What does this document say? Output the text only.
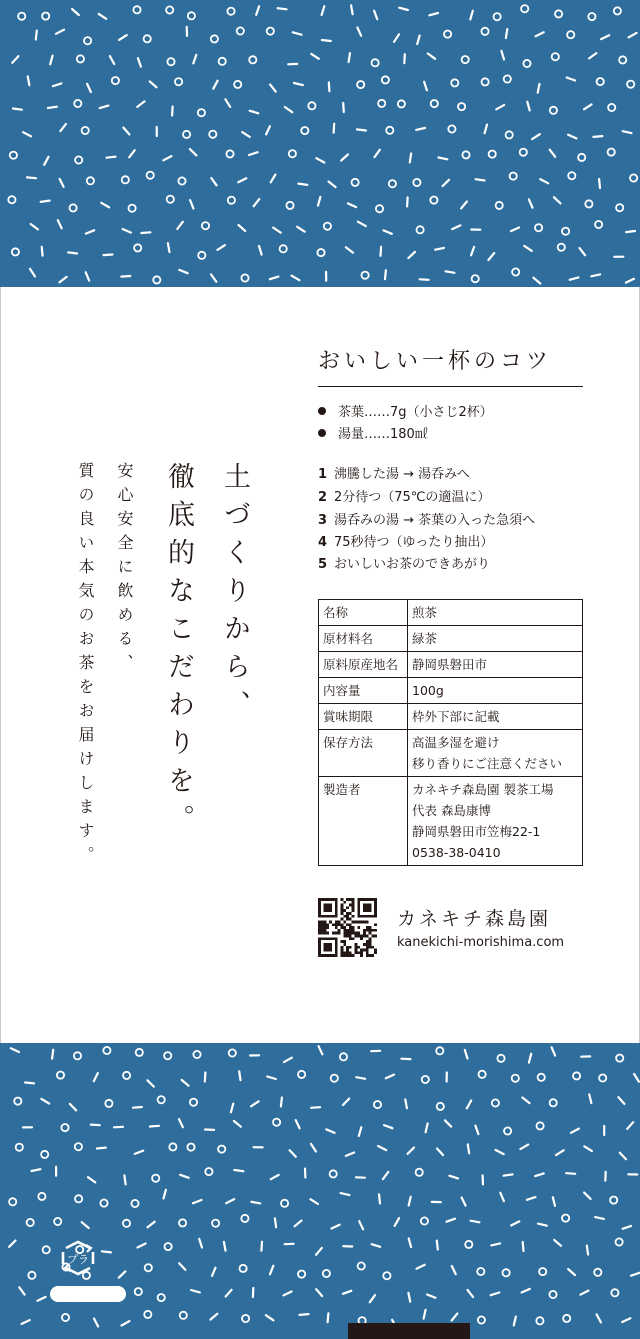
土づくりから、
徹底的なこだわりを。
安心安全に飲める、
質の良い本気のお茶をお届けします。
おいしい一杯のコツ
茶葉……7g（小さじ2杯）
湯量……180㎖
1 沸騰した湯 → 湯呑みへ
2 2分待つ（75℃の適温に）
3 湯呑みの湯 → 茶葉の入った急須へ
4 75秒待つ（ゆったり抽出）
5 おいしいお茶のできあがり
名称	煎茶

原材料名	緑茶

原料原産地名	静岡県磐田市

内容量	100g

賞味期限	枠外下部に記載

保存方法	高温多湿を避け
移り香りにご注意ください

製造者	カネキチ森島園 製茶工場
代表 森島康博
静岡県磐田市笠梅22-1
0538-38-0410
カネキチ森島園
kanekichi-morishima.com
プラ
